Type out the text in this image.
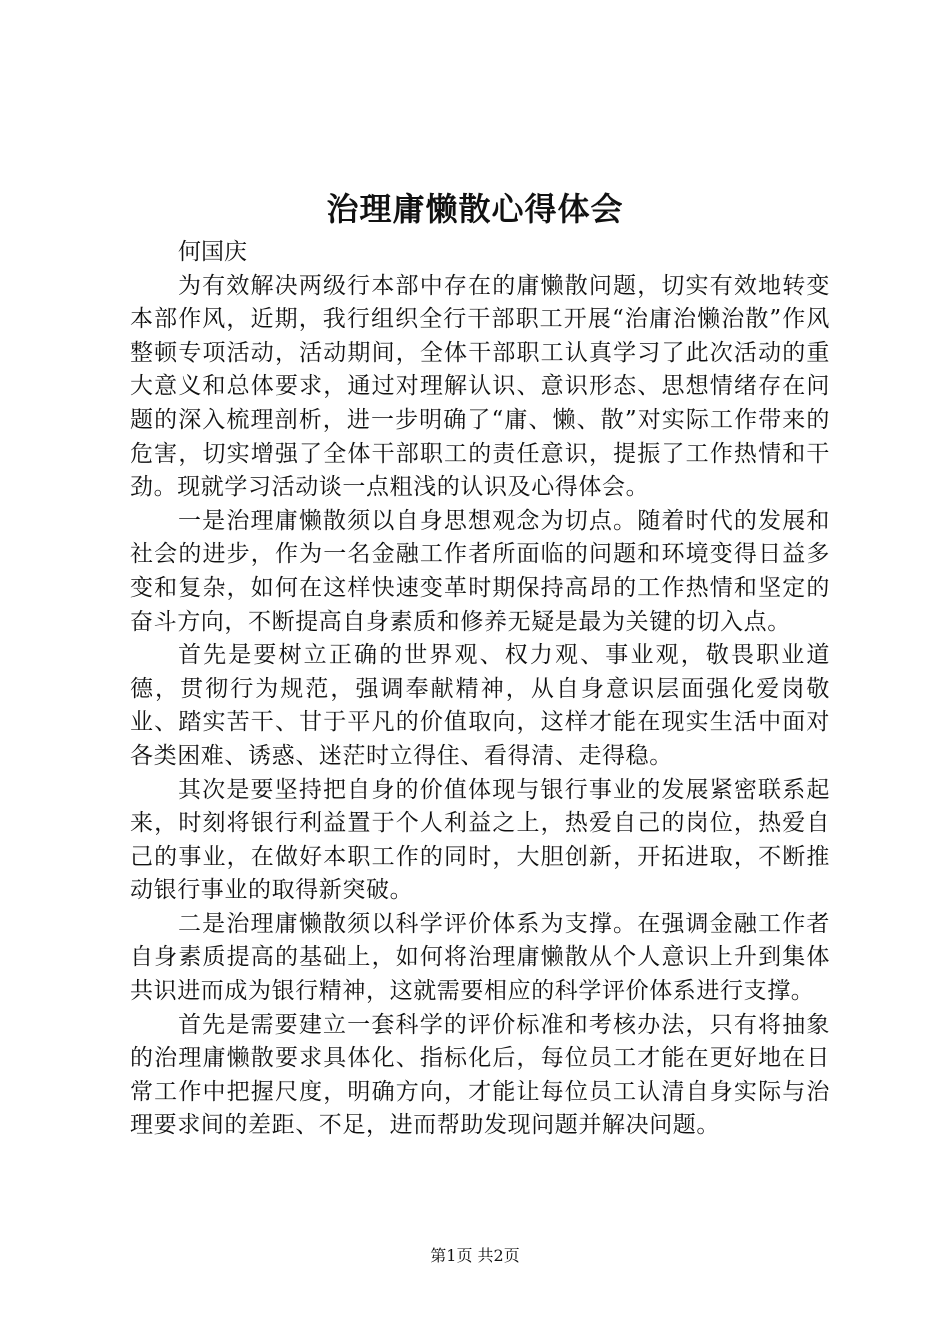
治理庸懒散心得体会

何国庆

为有效解决两级行本部中存在的庸懒散问题，切实有效地转变本部作风，近期，我行组织全行干部职工开展“治庸治懒治散”作风整顿专项活动，活动期间，全体干部职工认真学习了此次活动的重大意义和总体要求，通过对理解认识、意识形态、思想情绪存在问题的深入梳理剖析，进一步明确了“庸、懒、散”对实际工作带来的危害，切实增强了全体干部职工的责任意识，提振了工作热情和干劲。现就学习活动谈一点粗浅的认识及心得体会。

一是治理庸懒散须以自身思想观念为切点。随着时代的发展和社会的进步，作为一名金融工作者所面临的问题和环境变得日益多变和复杂，如何在这样快速变革时期保持高昂的工作热情和坚定的奋斗方向，不断提高自身素质和修养无疑是最为关键的切入点。

首先是要树立正确的世界观、权力观、事业观，敬畏职业道德，贯彻行为规范，强调奉献精神，从自身意识层面强化爱岗敬业、踏实苦干、甘于平凡的价值取向，这样才能在现实生活中面对各类困难、诱惑、迷茫时立得住、看得清、走得稳。

其次是要坚持把自身的价值体现与银行事业的发展紧密联系起来，时刻将银行利益置于个人利益之上，热爱自己的岗位，热爱自己的事业，在做好本职工作的同时，大胆创新，开拓进取，不断推动银行事业的取得新突破。

二是治理庸懒散须以科学评价体系为支撑。在强调金融工作者自身素质提高的基础上，如何将治理庸懒散从个人意识上升到集体共识进而成为银行精神，这就需要相应的科学评价体系进行支撑。

首先是需要建立一套科学的评价标准和考核办法，只有将抽象的治理庸懒散要求具体化、指标化后，每位员工才能在更好地在日常工作中把握尺度，明确方向，才能让每位员工认清自身实际与治理要求间的差距、不足，进而帮助发现问题并解决问题。

第1页 共2页
